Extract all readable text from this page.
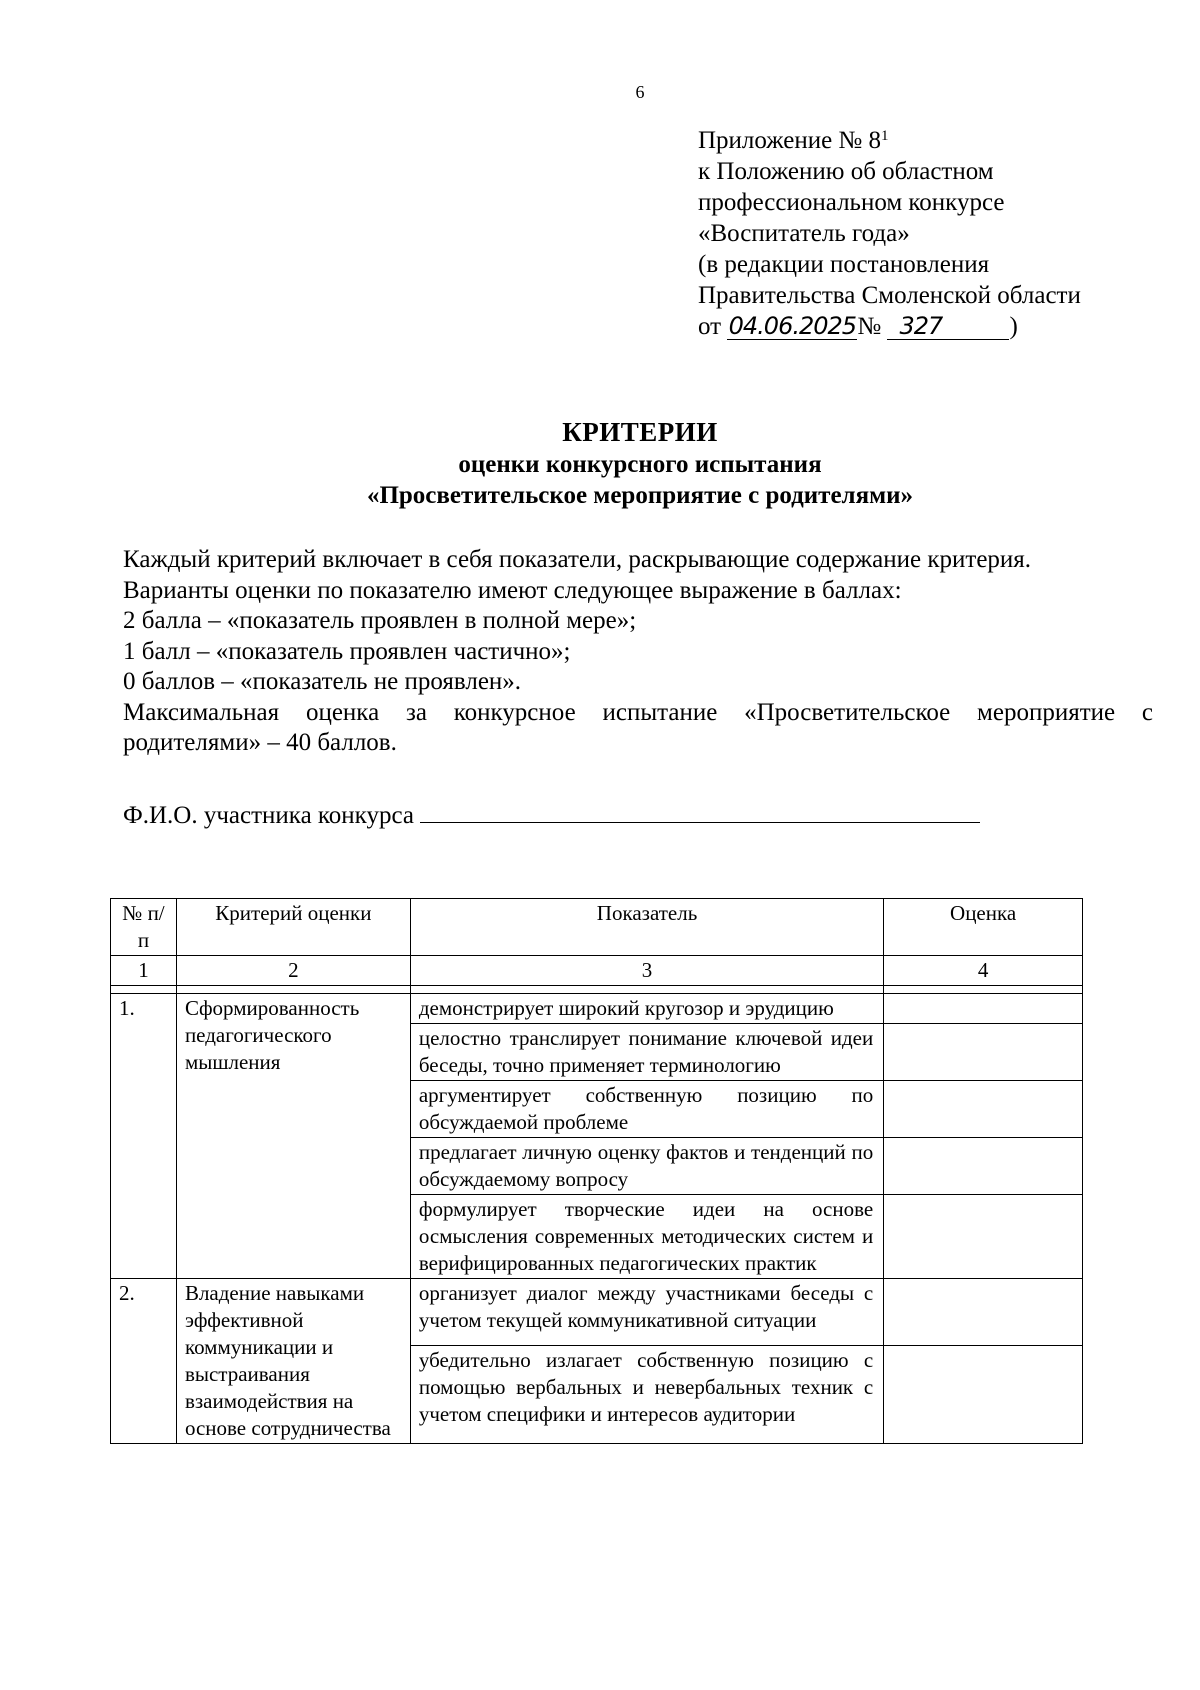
6
Приложение № $8^1$
к Положению об областном
профессиональном конкурсе
«Воспитатель года»
(в редакции постановления
Правительства Смоленской области
от 04.06.2025№ 327	)
КРИТЕРИИ
оценки конкурсного испытания
«Просветительское мероприятие с родителями»

Каждый критерий включает в себя показатели, раскрывающие содержание критерия.

Варианты оценки по показателю имеют следующее выражение в баллах:

2 балла – «показатель проявлен в полной мере»;

1 балл – «показатель проявлен частично»;

0 баллов – «показатель не проявлен».

Максимальная оценка за конкурсное испытание «Просветительское мероприятие с

родителями» – 40 баллов.

Ф.И.О. участника конкурса
№ п/п	Критерий оценки	Показатель	Оценка
1	2	3	4

1.	Сформированность педагогического мышления	демонстрирует широкий кругозор и эрудицию	
		целостно транслирует понимание ключевой идеи беседы, точно применяет терминологию	
		аргументирует собственную позицию по обсуждаемой проблеме	
		предлагает личную оценку фактов и тенденций по обсуждаемому вопросу	
		формулирует творческие идеи на основе осмысления современных методических систем и верифицированных педагогических практик	
2.	Владение навыками эффективной коммуникации и выстраивания взаимодействия на основе сотрудничества	организует диалог между участниками беседы с учетом текущей коммуникативной ситуации	
		убедительно излагает собственную позицию с помощью вербальных и невербальных техник с учетом специфики и интересов аудитории	
